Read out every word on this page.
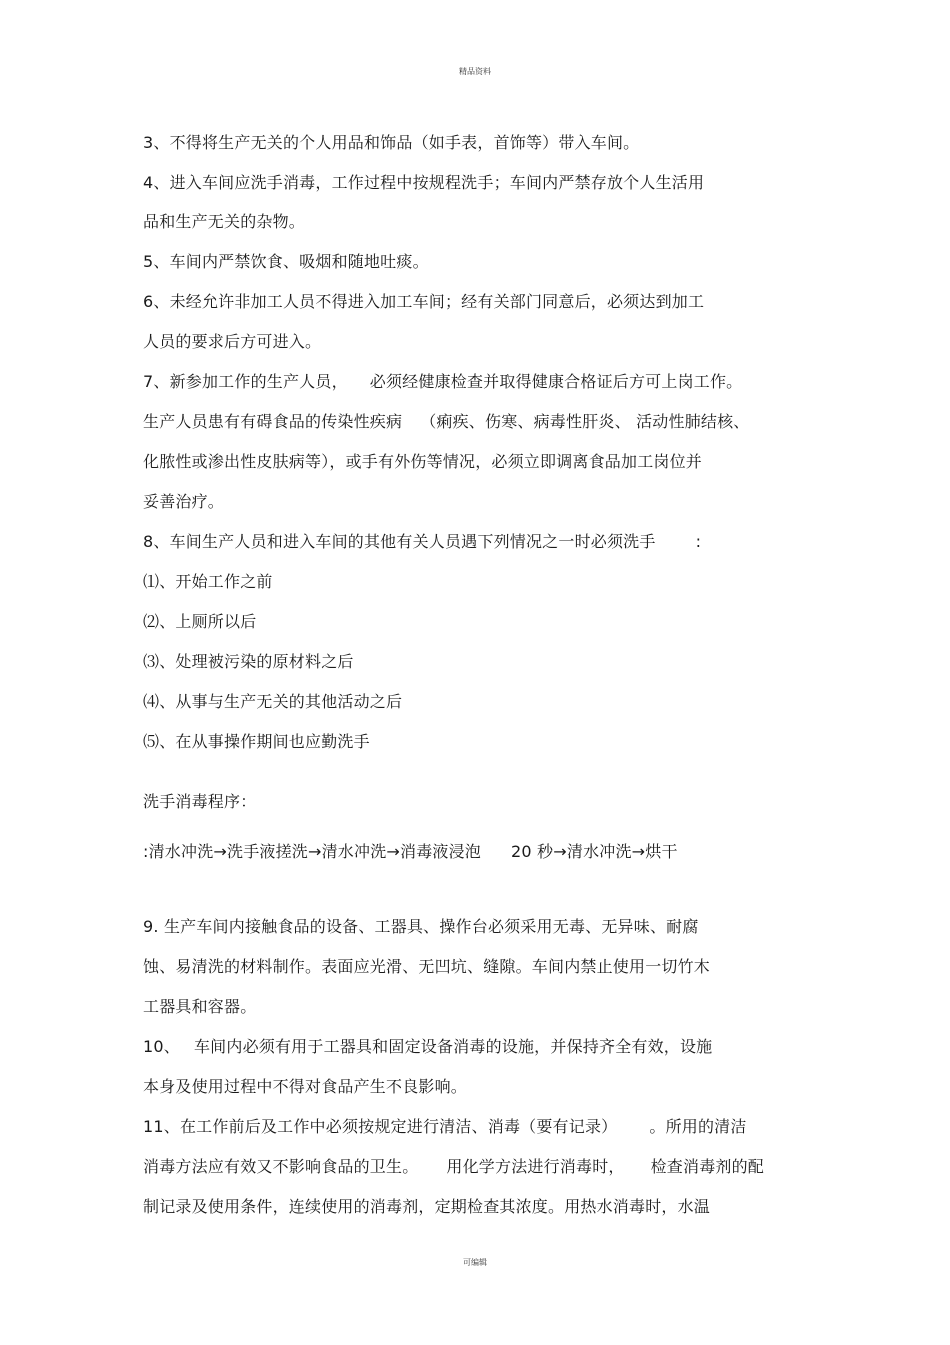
精品资料
3、不得将生产无关的个人用品和饰品（如手表，首饰等）带入车间。
4、进入车间应洗手消毒，工作过程中按规程洗手；车间内严禁存放个人生活用
品和生产无关的杂物。
5、车间内严禁饮食、吸烟和随地吐痰。
6、未经允许非加工人员不得进入加工车间；经有关部门同意后，必须达到加工
人员的要求后方可进入。
7、新参加工作的生产人员， 必须经健康检查并取得健康合格证后方可上岗工作。
生产人员患有有碍食品的传染性疾病 （痢疾、伤寒、病毒性肝炎、 活动性肺结核、
化脓性或渗出性皮肤病等），或手有外伤等情况，必须立即调离食品加工岗位并
妥善治疗。
8、车间生产人员和进入车间的其他有关人员遇下列情况之一时必须洗手	:
⑴、开始工作之前
⑵、上厕所以后
⑶、处理被污染的原材料之后
⑷、从事与生产无关的其他活动之后
⑸、在从事操作期间也应勤洗手
洗手消毒程序：
:清水冲洗→洗手液搓洗→清水冲洗→消毒液浸泡 20 秒→清水冲洗→烘干
9. 生产车间内接触食品的设备、工器具、操作台必须采用无毒、无异味、耐腐
蚀、易清洗的材料制作。表面应光滑、无凹坑、缝隙。车间内禁止使用一切竹木
工器具和容器。
10、 车间内必须有用于工器具和固定设备消毒的设施，并保持齐全有效，设施
本身及使用过程中不得对食品产生不良影响。
11、在工作前后及工作中必须按规定进行清洁、消毒（要有记录） 。所用的清洁
消毒方法应有效又不影响食品的卫生。 用化学方法进行消毒时， 检查消毒剂的配
制记录及使用条件，连续使用的消毒剂，定期检查其浓度。用热水消毒时，水温
可编辑
